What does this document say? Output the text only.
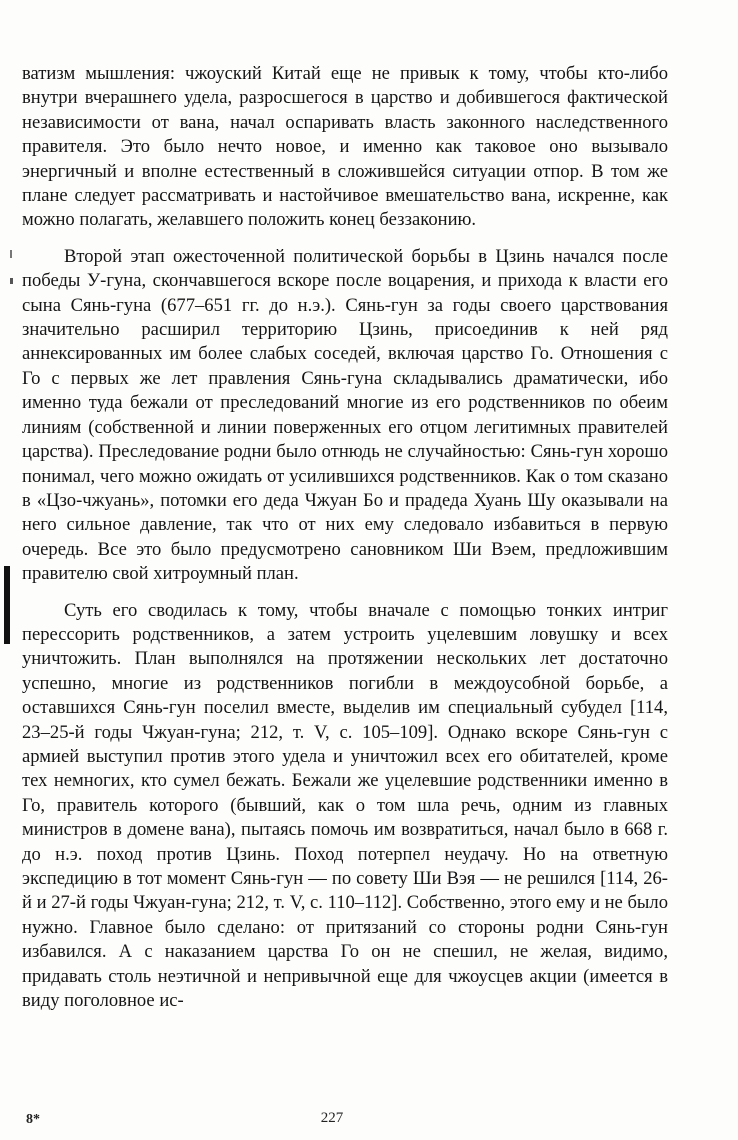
ватизм мышления: чжоуский Китай еще не привык к тому, чтобы кто-либо внутри вчерашнего удела, разросшегося в царство и добившегося фактической независимости от вана, начал оспаривать власть законного наследственного правителя. Это было нечто новое, и именно как таковое оно вызывало энергичный и вполне естественный в сложившейся ситуации отпор. В том же плане следует рассматривать и настойчивое вмешательство вана, искренне, как можно полагать, желавшего положить конец беззаконию.

Второй этап ожесточенной политической борьбы в Цзинь начался после победы У-гуна, скончавшегося вскоре после воцарения, и прихода к власти его сына Сянь-гуна (677–651 гг. до н.э.). Сянь-гун за годы своего царствования значительно расширил территорию Цзинь, присоединив к ней ряд аннексированных им более слабых соседей, включая царство Го. Отношения с Го с первых же лет правления Сянь-гуна складывались драматически, ибо именно туда бежали от преследований многие из его родственников по обеим линиям (собственной и линии поверженных его отцом легитимных правителей царства). Преследование родни было отнюдь не случайностью: Сянь-гун хорошо понимал, чего можно ожидать от усилившихся родственников. Как о том сказано в «Цзо-чжуань», потомки его деда Чжуан Бо и прадеда Хуань Шу оказывали на него сильное давление, так что от них ему следовало избавиться в первую очередь. Все это было предусмотрено сановником Ши Вэем, предложившим правителю свой хитроумный план.

Суть его сводилась к тому, чтобы вначале с помощью тонких интриг перессорить родственников, а затем устроить уцелевшим ловушку и всех уничтожить. План выполнялся на протяжении нескольких лет достаточно успешно, многие из родственников погибли в междоусобной борьбе, а оставшихся Сянь-гун поселил вместе, выделив им специальный субудел [114, 23–25-й годы Чжуан-гуна; 212, т. V, с. 105–109]. Однако вскоре Сянь-гун с армией выступил против этого удела и уничтожил всех его обитателей, кроме тех немногих, кто сумел бежать. Бежали же уцелевшие родственники именно в Го, правитель которого (бывший, как о том шла речь, одним из главных министров в домене вана), пытаясь помочь им возвратиться, начал было в 668 г. до н.э. поход против Цзинь. Поход потерпел неудачу. Но на ответную экспедицию в тот момент Сянь-гун — по совету Ши Вэя — не решился [114, 26-й и 27-й годы Чжуан-гуна; 212, т. V, с. 110–112]. Собственно, этого ему и не было нужно. Главное было сделано: от притязаний со стороны родни Сянь-гун избавился. А с наказанием царства Го он не спешил, не желая, видимо, придавать столь неэтичной и непривычной еще для чжоусцев акции (имеется в виду поголовное ис-

8*	227
